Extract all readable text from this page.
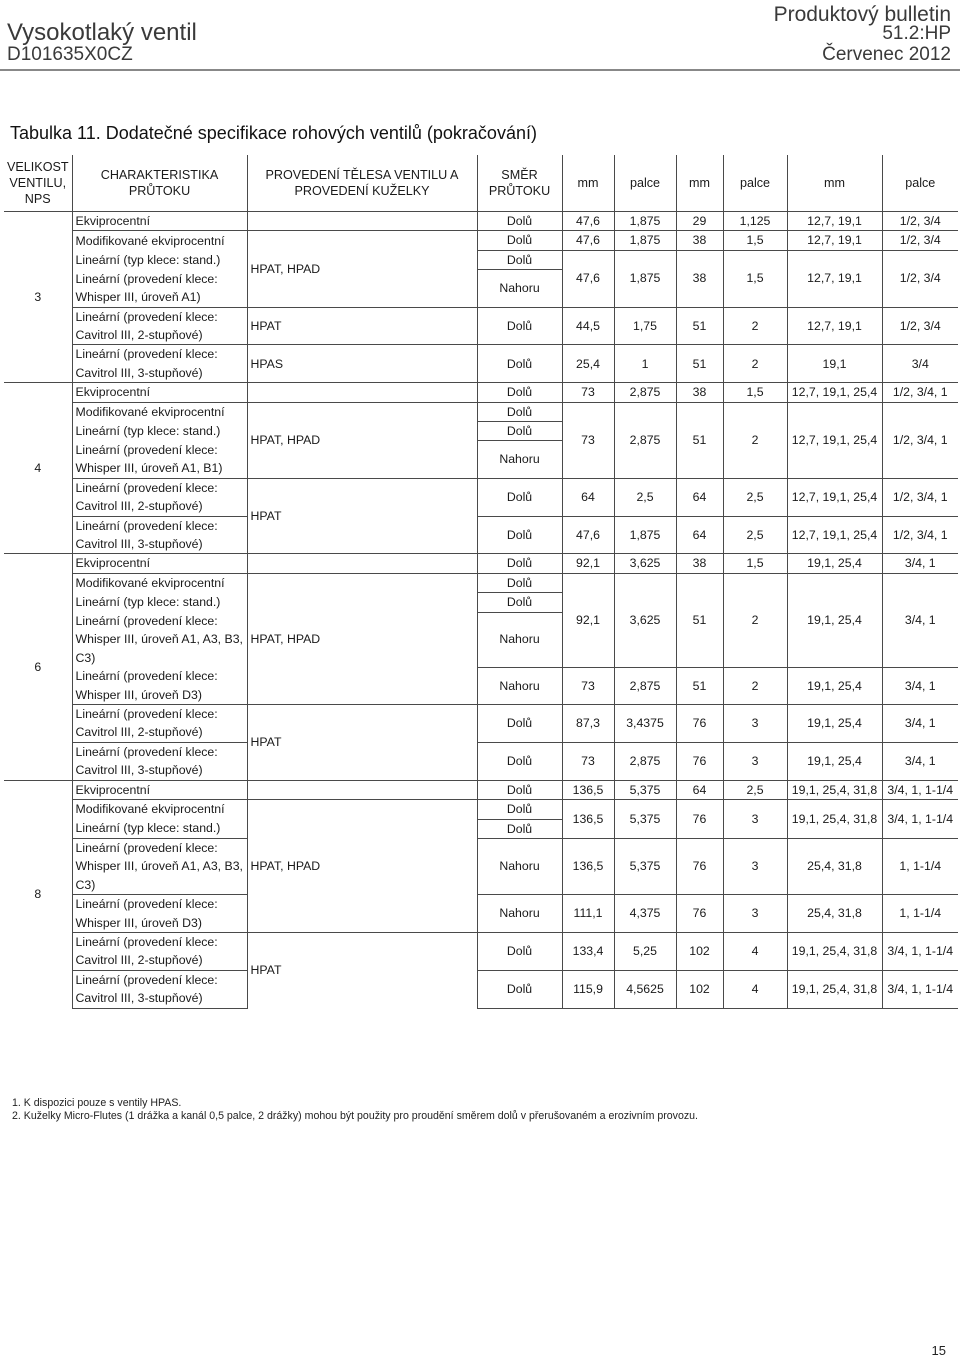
Vysokotlaký ventil
D101635X0CZ
Produktový bulletin
51.2:HP
Červenec 2012
Tabulka 11. Dodatečné specifikace rohových ventilů (pokračování)
VELIKOST VENTILU, NPS	CHARAKTERISTIKA PRŮTOKU	PROVEDENÍ TĚLESA VENTILU A PROVEDENÍ KUŽELKY	SMĚR PRŮTOKU	mm	palce	mm	palce	mm	palce
3	Ekviprocentní		Dolů	47,6	1,875	29	1,125	12,7, 19,1	1/2, 3/4
	Modifikované ekviprocentní	HPAT, HPAD	Dolů	47,6	1,875	38	1,5	12,7, 19,1	1/2, 3/4
	Lineární (typ klece: stand.)		Dolů	47,6	1,875	38	1,5	12,7, 19,1	1/2, 3/4
	Lineární (provedení klece: Whisper III, úroveň A1)		Nahoru						
	Lineární (provedení klece: Cavitrol III, 2-stupňové)	HPAT	Dolů	44,5	1,75	51	2	12,7, 19,1	1/2, 3/4
	Lineární (provedení klece: Cavitrol III, 3-stupňové)	HPAS	Dolů	25,4	1	51	2	19,1	3/4
4	Ekviprocentní		Dolů	73	2,875	38	1,5	12,7, 19,1, 25,4	1/2, 3/4, 1
	Modifikované ekviprocentní	HPAT, HPAD	Dolů	73	2,875	51	2	12,7, 19,1, 25,4	1/2, 3/4, 1
	Lineární (typ klece: stand.)		Dolů						
	Lineární (provedení klece: Whisper III, úroveň A1, B1)		Nahoru						
	Lineární (provedení klece: Cavitrol III, 2-stupňové)	HPAT	Dolů	64	2,5	64	2,5	12,7, 19,1, 25,4	1/2, 3/4, 1
	Lineární (provedení klece: Cavitrol III, 3-stupňové)		Dolů	47,6	1,875	64	2,5	12,7, 19,1, 25,4	1/2, 3/4, 1
6	Ekviprocentní		Dolů	92,1	3,625	38	1,5	19,1, 25,4	3/4, 1
	Modifikované ekviprocentní	HPAT, HPAD	Dolů	92,1	3,625	51	2	19,1, 25,4	3/4, 1
	Lineární (typ klece: stand.)		Dolů						
	Lineární (provedení klece: Whisper III, úroveň A1, A3, B3, C3)		Nahoru						
	Lineární (provedení klece: Whisper III, úroveň D3)		Nahoru	73	2,875	51	2	19,1, 25,4	3/4, 1
	Lineární (provedení klece: Cavitrol III, 2-stupňové)	HPAT	Dolů	87,3	3,4375	76	3	19,1, 25,4	3/4, 1
	Lineární (provedení klece: Cavitrol III, 3-stupňové)		Dolů	73	2,875	76	3	19,1, 25,4	3/4, 1
8	Ekviprocentní		Dolů	136,5	5,375	64	2,5	19,1, 25,4, 31,8	3/4, 1, 1-1/4
	Modifikované ekviprocentní	HPAT, HPAD	Dolů	136,5	5,375	76	3	19,1, 25,4, 31,8	3/4, 1, 1-1/4
	Lineární (typ klece: stand.)		Dolů						
	Lineární (provedení klece: Whisper III, úroveň A1, A3, B3, C3)		Nahoru	136,5	5,375	76	3	25,4, 31,8	1, 1-1/4
	Lineární (provedení klece: Whisper III, úroveň D3)		Nahoru	111,1	4,375	76	3	25,4, 31,8	1, 1-1/4
	Lineární (provedení klece: Cavitrol III, 2-stupňové)	HPAT	Dolů	133,4	5,25	102	4	19,1, 25,4, 31,8	3/4, 1, 1-1/4
	Lineární (provedení klece: Cavitrol III, 3-stupňové)		Dolů	115,9	4,5625	102	4	19,1, 25,4, 31,8	3/4, 1, 1-1/4
1. K dispozici pouze s ventily HPAS.
2. Kuželky Micro-Flutes (1 drážka a kanál 0,5 palce, 2 drážky) mohou být použity pro proudění směrem dolů v přerušovaném a erozivním provozu.
15
